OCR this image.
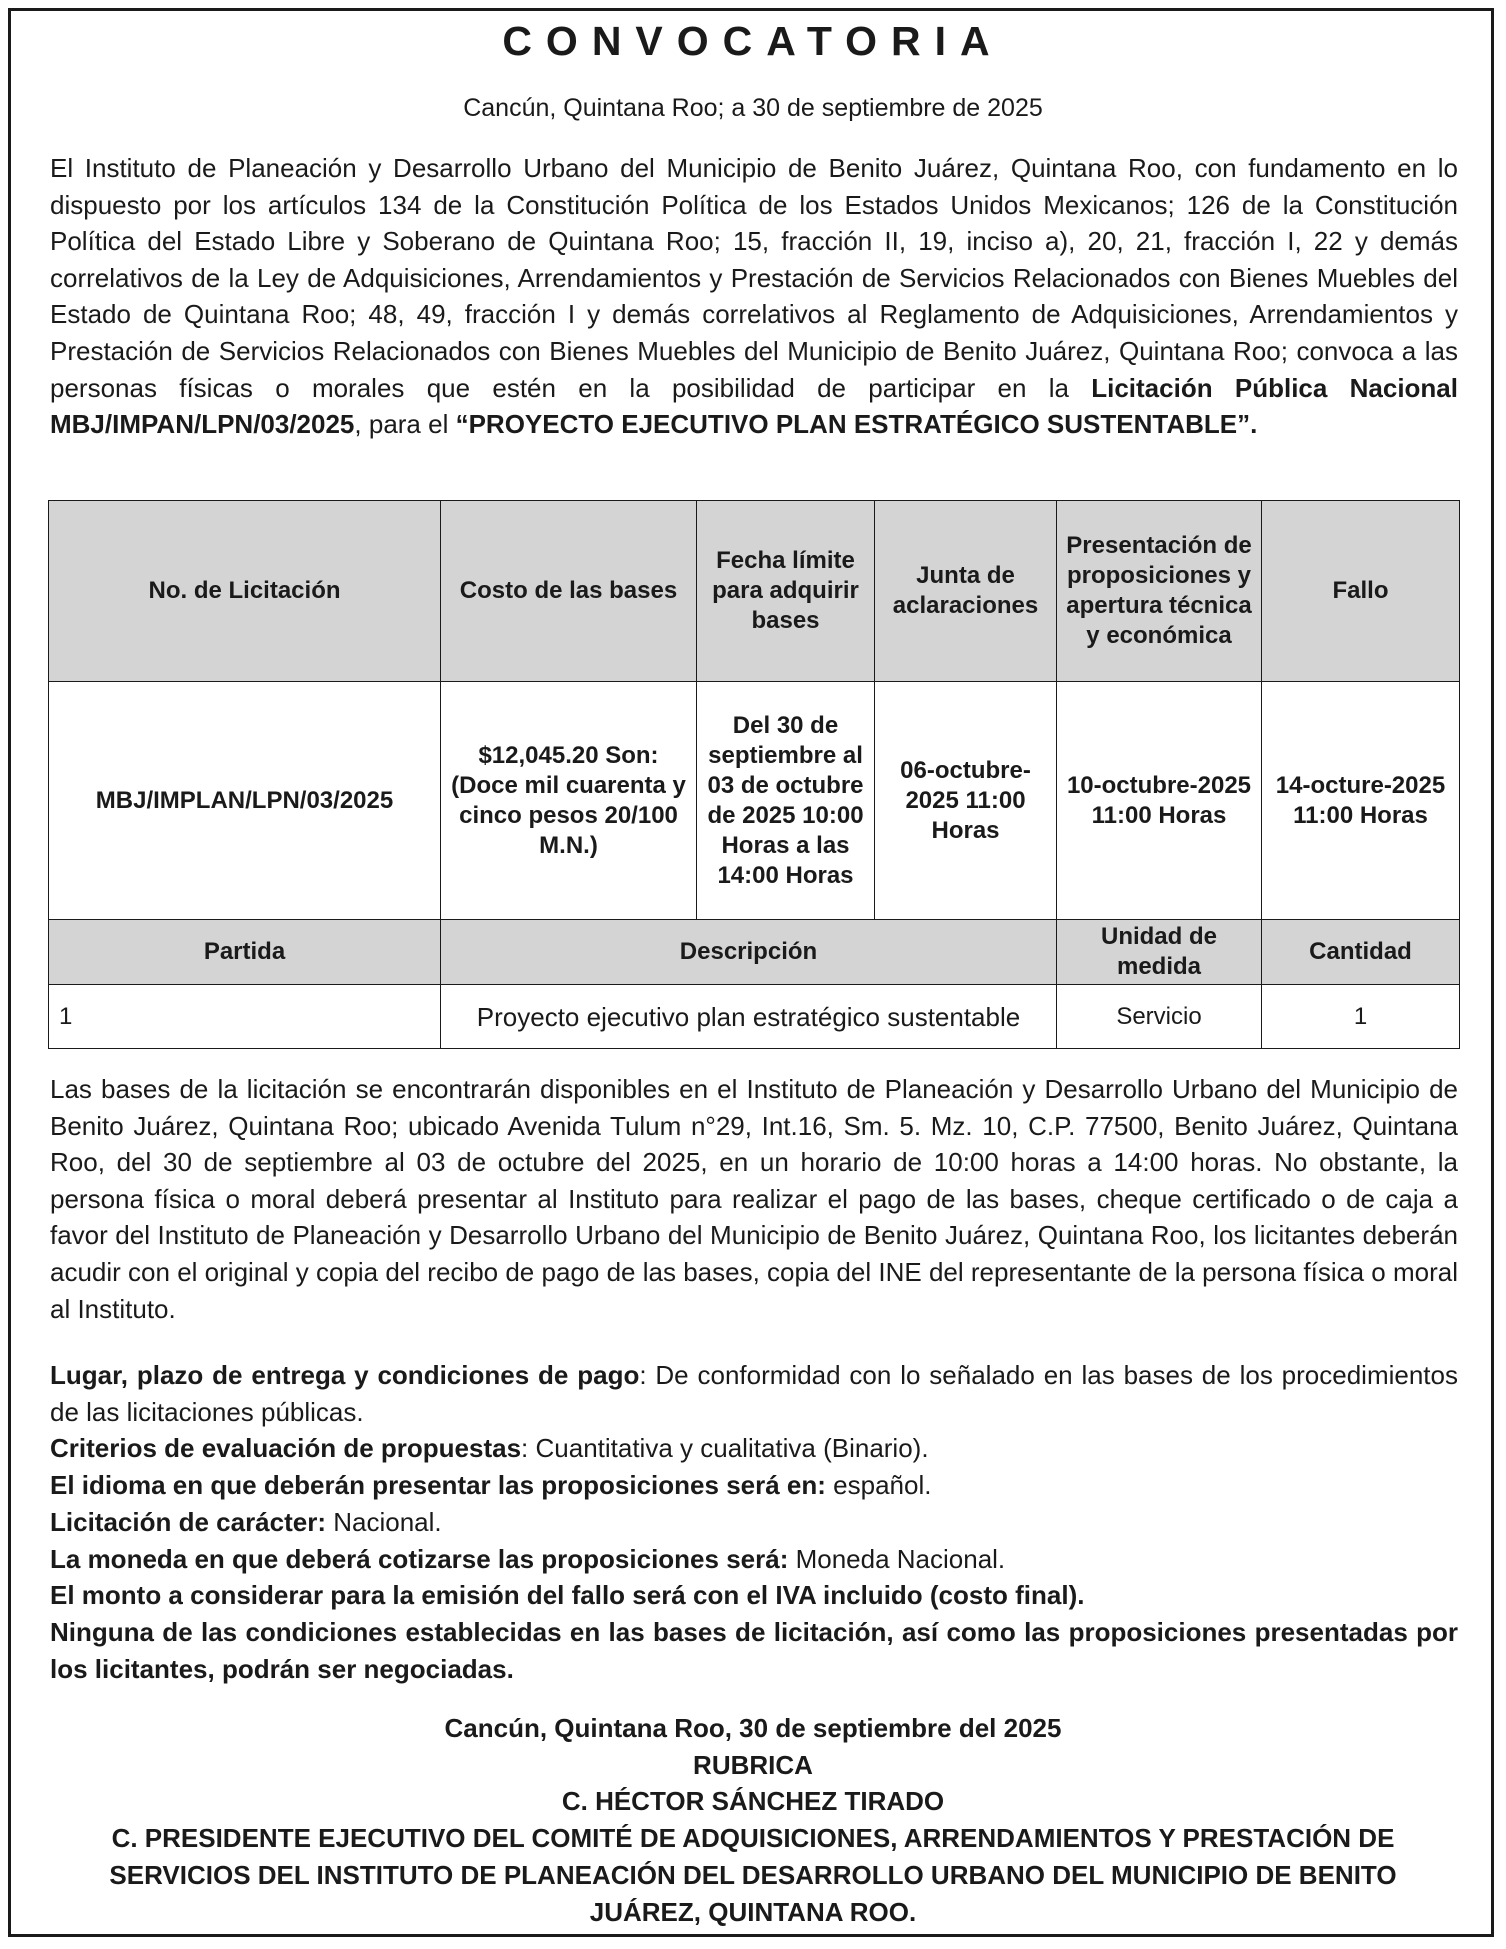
CONVOCATORIA
Cancún, Quintana Roo; a 30 de septiembre de 2025
El Instituto de Planeación y Desarrollo Urbano del Municipio de Benito Juárez, Quintana Roo, con fundamento en lo dispuesto por los artículos 134 de la Constitución Política de los Estados Unidos Mexicanos; 126 de la Constitución Política del Estado Libre y Soberano de Quintana Roo; 15, fracción II, 19, inciso a), 20, 21, fracción I, 22 y demás correlativos de la Ley de Adquisiciones, Arrendamientos y Prestación de Servicios Relacionados con Bienes Muebles del Estado de Quintana Roo; 48, 49, fracción I y demás correlativos al Reglamento de Adquisiciones, Arrendamientos y Prestación de Servicios Relacionados con Bienes Muebles del Municipio de Benito Juárez, Quintana Roo; convoca a las personas físicas o morales que estén en la posibilidad de participar en la Licitación Pública Nacional MBJ/IMPAN/LPN/03/2025, para el “PROYECTO EJECUTIVO PLAN ESTRATÉGICO SUSTENTABLE”.
No. de Licitación	Costo de las bases	Fecha límite para adquirir bases	Junta de aclaraciones	Presentación de proposiciones y apertura técnica y económica	Fallo
MBJ/IMPLAN/LPN/03/2025	$12,045.20 Son: (Doce mil cuarenta y cinco pesos 20/100 M.N.)	Del 30 de septiembre al 03 de octubre de 2025 10:00 Horas a las 14:00 Horas	06-octubre-2025 11:00 Horas	10-octubre-2025 11:00 Horas	14-octure-2025 11:00 Horas
Partida	Descripción			Unidad de medida	Cantidad
1	Proyecto ejecutivo plan estratégico sustentable			Servicio	1
Las bases de la licitación se encontrarán disponibles en el Instituto de Planeación y Desarrollo Urbano del Municipio de Benito Juárez, Quintana Roo; ubicado Avenida Tulum n°29, Int.16, Sm. 5. Mz. 10, C.P. 77500, Benito Juárez, Quintana Roo, del 30 de septiembre al 03 de octubre del 2025, en un horario de 10:00 horas a 14:00 horas. No obstante, la persona física o moral deberá presentar al Instituto para realizar el pago de las bases, cheque certificado o de caja a favor del Instituto de Planeación y Desarrollo Urbano del Municipio de Benito Juárez, Quintana Roo, los licitantes deberán acudir con el original y copia del recibo de pago de las bases, copia del INE del representante de la persona física o moral al Instituto.
Lugar, plazo de entrega y condiciones de pago: De conformidad con lo señalado en las bases de los procedimientos de las licitaciones públicas.
Criterios de evaluación de propuestas: Cuantitativa y cualitativa (Binario).
El idioma en que deberán presentar las proposiciones será en: español.
Licitación de carácter: Nacional.
La moneda en que deberá cotizarse las proposiciones será: Moneda Nacional.
El monto a considerar para la emisión del fallo será con el IVA incluido (costo final).
Ninguna de las condiciones establecidas en las bases de licitación, así como las proposiciones presentadas por los licitantes, podrán ser negociadas.
Cancún, Quintana Roo, 30 de septiembre del 2025
RUBRICA
C. HÉCTOR SÁNCHEZ TIRADO
C. PRESIDENTE EJECUTIVO DEL COMITÉ DE ADQUISICIONES, ARRENDAMIENTOS Y PRESTACIÓN DE SERVICIOS DEL INSTITUTO DE PLANEACIÓN DEL DESARROLLO URBANO DEL MUNICIPIO DE BENITO JUÁREZ, QUINTANA ROO.
